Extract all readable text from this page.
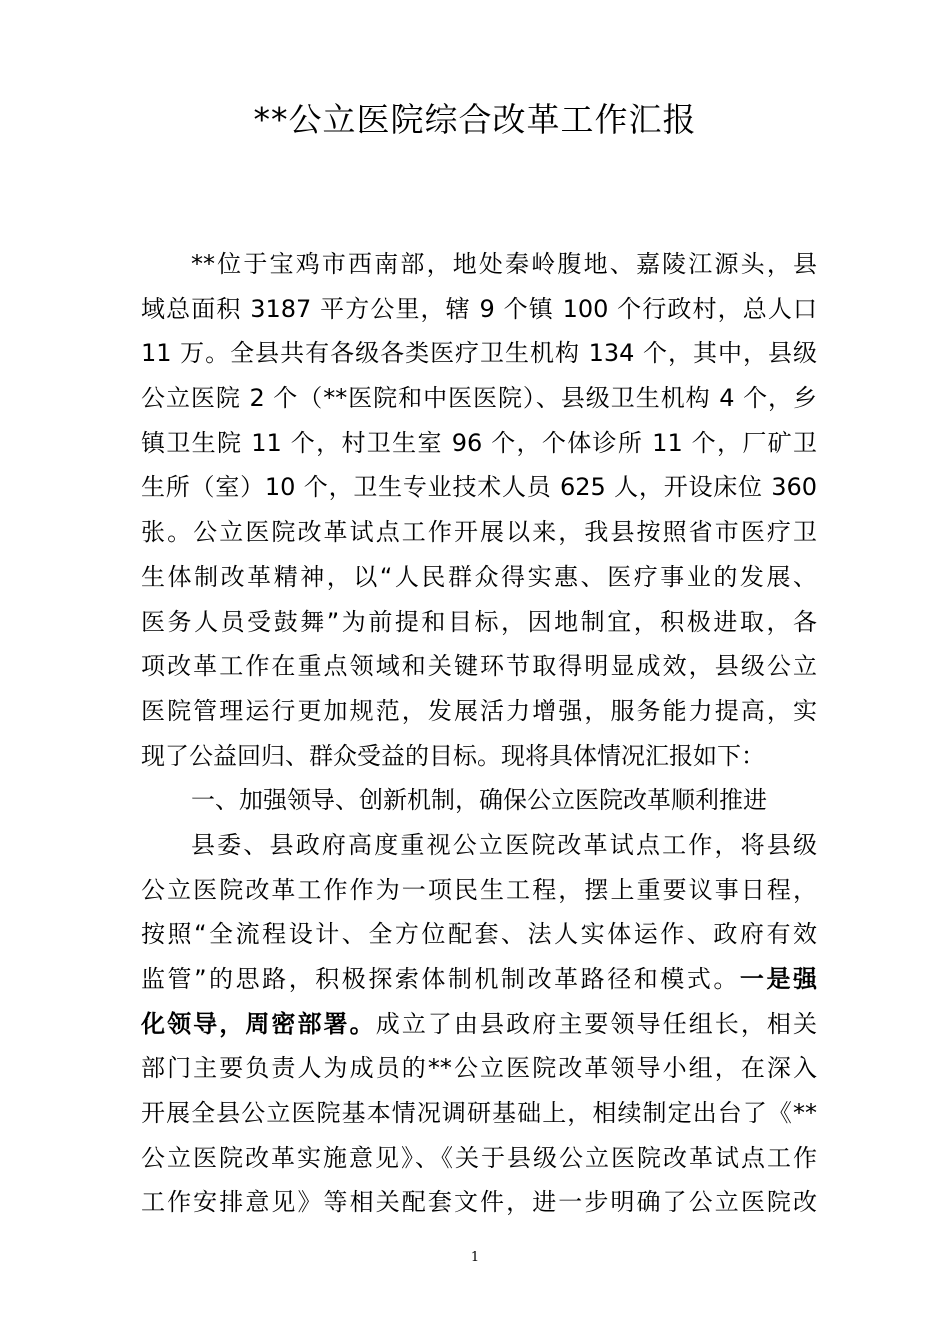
**公立医院综合改革工作汇报
**位于宝鸡市西南部，地处秦岭腹地、嘉陵江源头，县
域总面积 3187 平方公里，辖 9 个镇 100 个行政村，总人口
11 万。全县共有各级各类医疗卫生机构 134 个，其中，县级
公立医院 2 个（**医院和中医医院）、县级卫生机构 4 个，乡
镇卫生院 11 个，村卫生室 96 个，个体诊所 11 个，厂矿卫
生所（室）10 个，卫生专业技术人员 625 人，开设床位 360
张。公立医院改革试点工作开展以来，我县按照省市医疗卫
生体制改革精神，以“人民群众得实惠、医疗事业的发展、
医务人员受鼓舞”为前提和目标，因地制宜，积极进取，各
项改革工作在重点领域和关键环节取得明显成效，县级公立
医院管理运行更加规范，发展活力增强，服务能力提高，实
现了公益回归、群众受益的目标。现将具体情况汇报如下：
一、加强领导、创新机制，确保公立医院改革顺利推进
县委、县政府高度重视公立医院改革试点工作，将县级
公立医院改革工作作为一项民生工程，摆上重要议事日程，
按照“全流程设计、全方位配套、法人实体运作、政府有效
监管”的思路，积极探索体制机制改革路径和模式。一是强
化领导，周密部署。成立了由县政府主要领导任组长，相关
部门主要负责人为成员的**公立医院改革领导小组，在深入
开展全县公立医院基本情况调研基础上，相续制定出台了《**
公立医院改革实施意见》、《关于县级公立医院改革试点工作
工作安排意见》等相关配套文件，进一步明确了公立医院改
1
